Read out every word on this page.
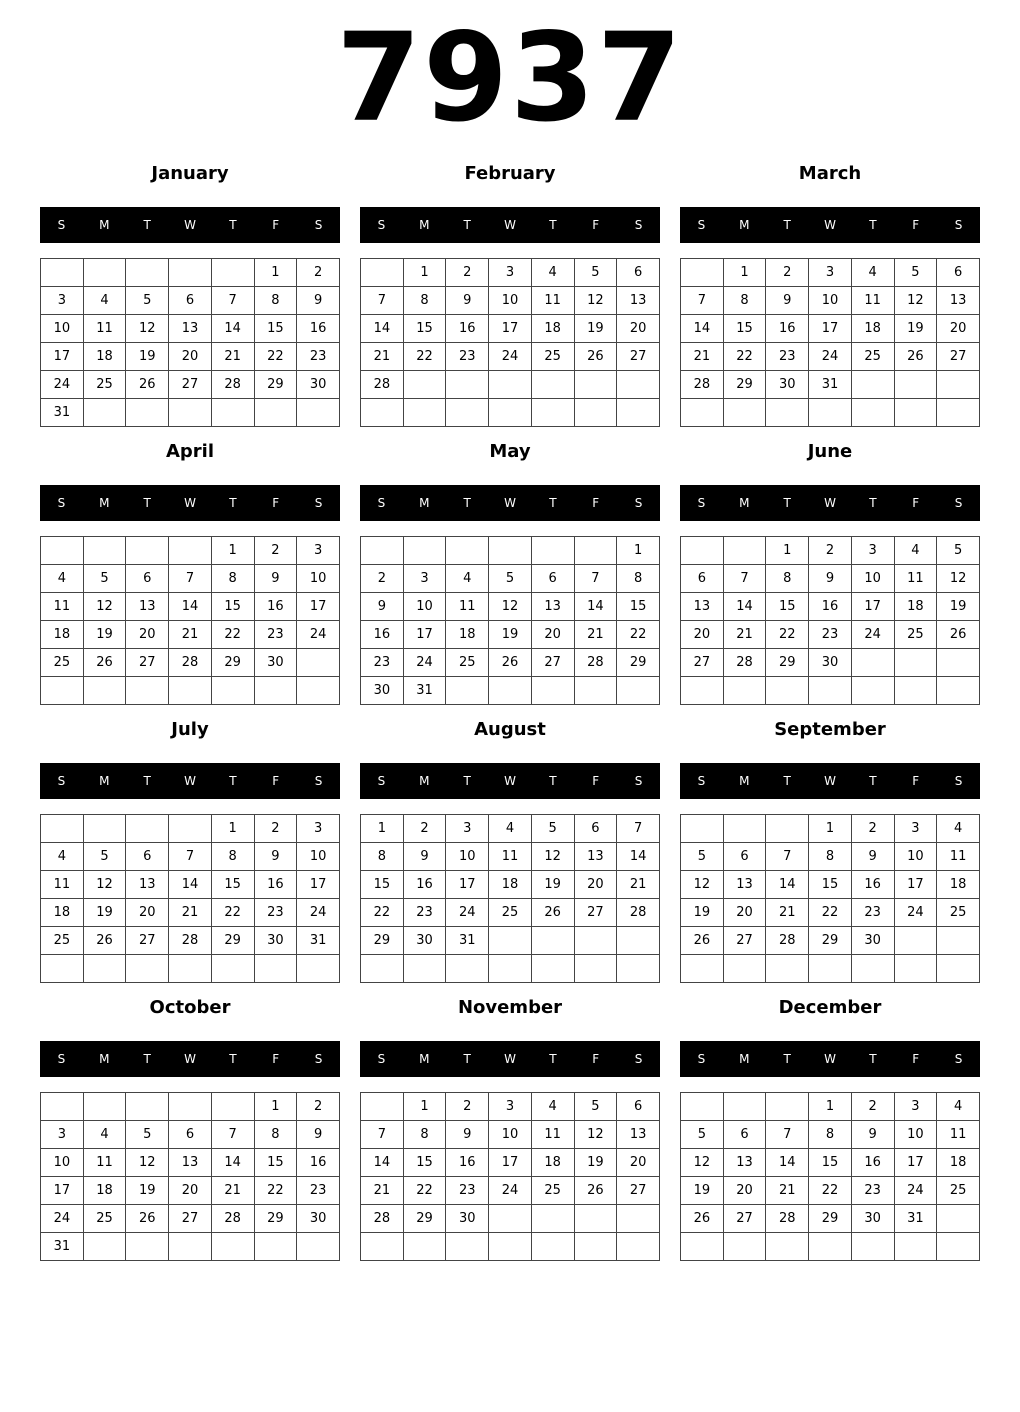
7937
January
S	M	T	W	T	F	S
					1	2
3	4	5	6	7	8	9
10	11	12	13	14	15	16
17	18	19	20	21	22	23
24	25	26	27	28	29	30
31						
February
S	M	T	W	T	F	S
	1	2	3	4	5	6
7	8	9	10	11	12	13
14	15	16	17	18	19	20
21	22	23	24	25	26	27
28						

March
S	M	T	W	T	F	S
	1	2	3	4	5	6
7	8	9	10	11	12	13
14	15	16	17	18	19	20
21	22	23	24	25	26	27
28	29	30	31			

April
S	M	T	W	T	F	S
				1	2	3
4	5	6	7	8	9	10
11	12	13	14	15	16	17
18	19	20	21	22	23	24
25	26	27	28	29	30	

May
S	M	T	W	T	F	S
						1
2	3	4	5	6	7	8
9	10	11	12	13	14	15
16	17	18	19	20	21	22
23	24	25	26	27	28	29
30	31					
June
S	M	T	W	T	F	S
		1	2	3	4	5
6	7	8	9	10	11	12
13	14	15	16	17	18	19
20	21	22	23	24	25	26
27	28	29	30			

July
S	M	T	W	T	F	S
				1	2	3
4	5	6	7	8	9	10
11	12	13	14	15	16	17
18	19	20	21	22	23	24
25	26	27	28	29	30	31

August
S	M	T	W	T	F	S
1	2	3	4	5	6	7
8	9	10	11	12	13	14
15	16	17	18	19	20	21
22	23	24	25	26	27	28
29	30	31				

September
S	M	T	W	T	F	S
			1	2	3	4
5	6	7	8	9	10	11
12	13	14	15	16	17	18
19	20	21	22	23	24	25
26	27	28	29	30		

October
S	M	T	W	T	F	S
					1	2
3	4	5	6	7	8	9
10	11	12	13	14	15	16
17	18	19	20	21	22	23
24	25	26	27	28	29	30
31						
November
S	M	T	W	T	F	S
	1	2	3	4	5	6
7	8	9	10	11	12	13
14	15	16	17	18	19	20
21	22	23	24	25	26	27
28	29	30				

December
S	M	T	W	T	F	S
			1	2	3	4
5	6	7	8	9	10	11
12	13	14	15	16	17	18
19	20	21	22	23	24	25
26	27	28	29	30	31	
